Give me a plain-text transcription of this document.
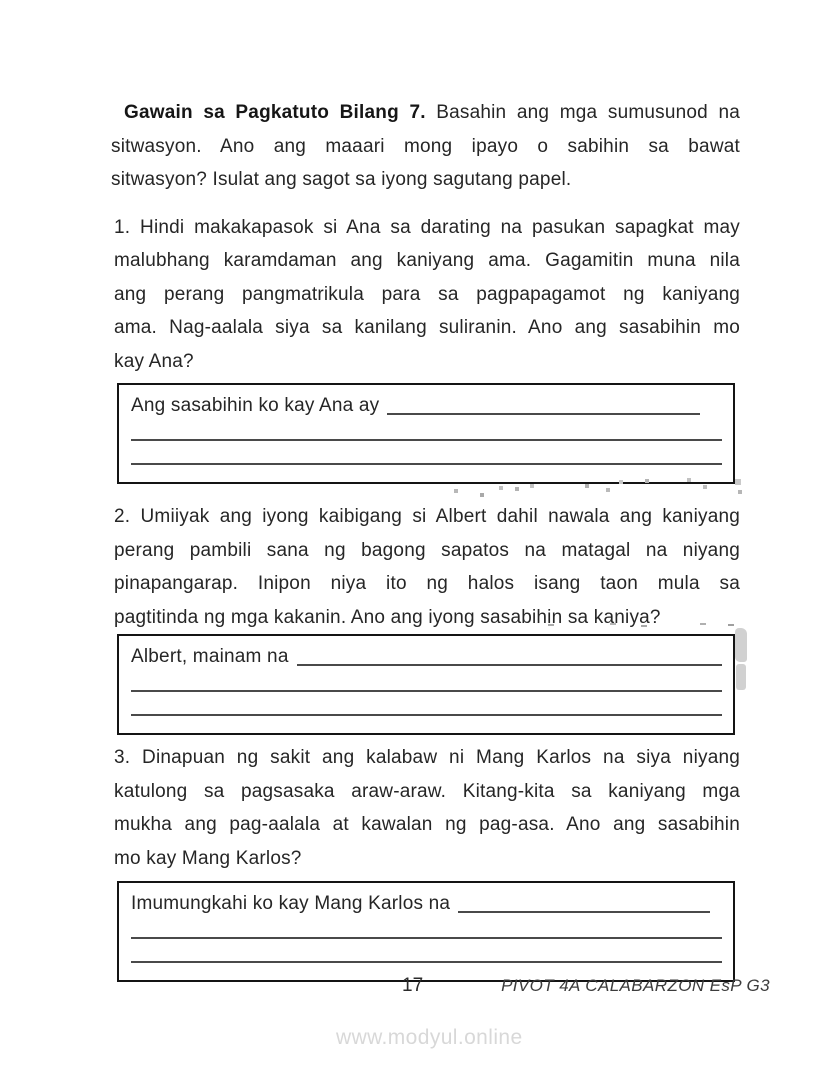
Gawain sa Pagkatuto Bilang 7. Basahin ang mga sumusunod na
sitwasyon. Ano ang maaari mong ipayo o sabihin sa bawat
sitwasyon? Isulat ang sagot sa iyong sagutang papel.
1. Hindi makakapasok si Ana sa darating na pasukan sapagkat may
malubhang karamdaman ang kaniyang ama. Gagamitin muna nila
ang perang pangmatrikula para sa pagpapagamot ng kaniyang
ama. Nag-aalala siya sa kanilang suliranin. Ano ang sasabihin mo
kay Ana?
Ang sasabihin ko kay Ana ay
2. Umiiyak ang iyong kaibigang si Albert dahil nawala ang kaniyang
perang pambili sana ng bagong sapatos na matagal na niyang
pinapangarap. Inipon niya ito ng halos isang taon mula sa
pagtitinda ng mga kakanin. Ano ang iyong sasabihin sa kaniya?
Albert, mainam na
3. Dinapuan ng sakit ang kalabaw ni Mang Karlos na siya niyang
katulong sa pagsasaka araw-araw. Kitang-kita sa kaniyang mga
mukha ang pag-aalala at kawalan ng pag-asa. Ano ang sasabihin
mo kay Mang Karlos?
Imumungkahi ko kay Mang Karlos na
17	PIVOT 4A CALABARZON EsP G3
www.modyul.online
